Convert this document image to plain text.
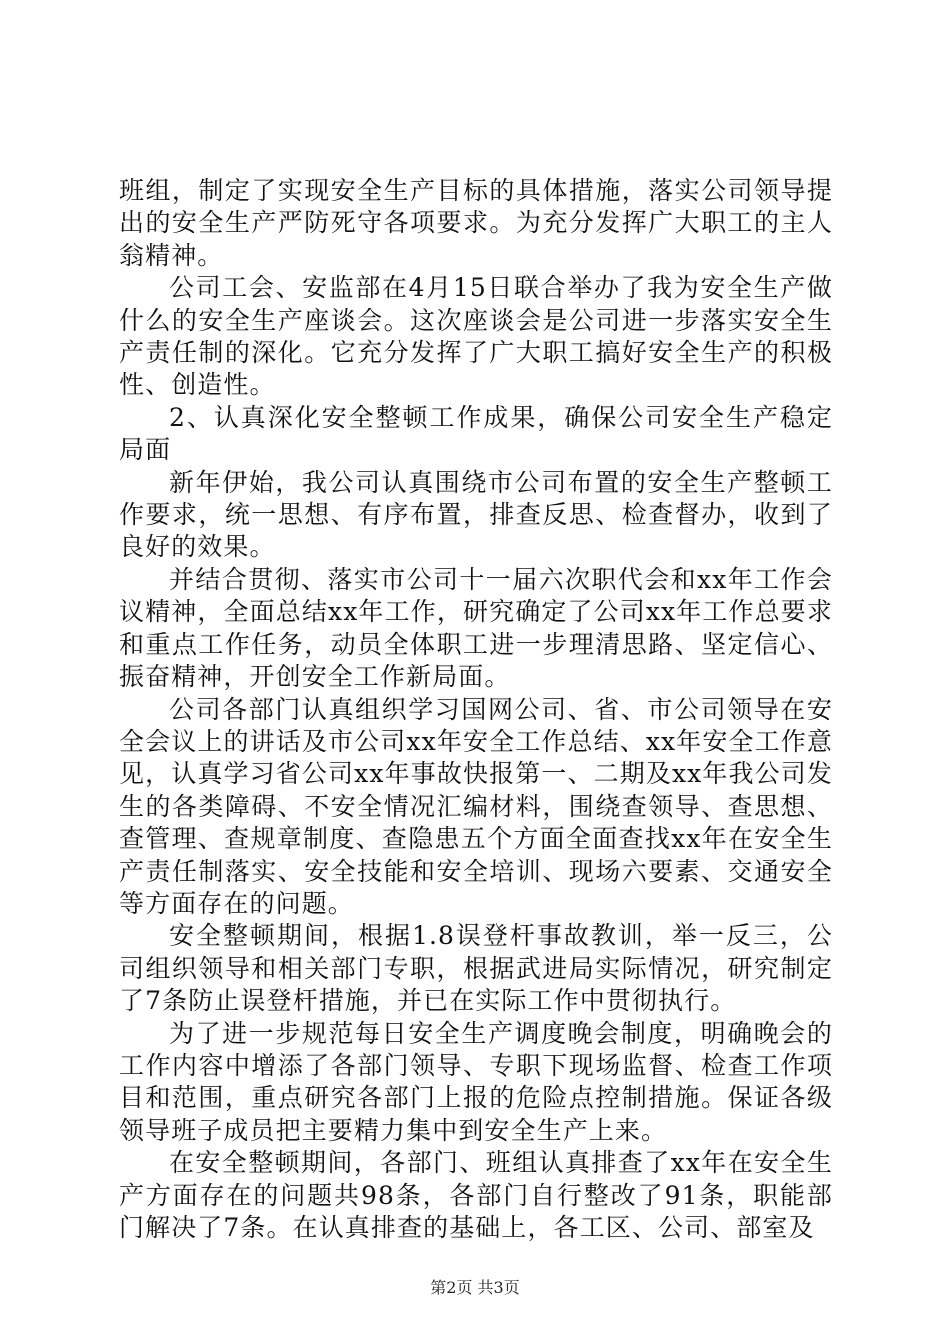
班组，制定了实现安全生产目标的具体措施，落实公司领导提出的安全生产严防死守各项要求。为充分发挥广大职工的主人翁精神。

公司工会、安监部在4月15日联合举办了我为安全生产做什么的安全生产座谈会。这次座谈会是公司进一步落实安全生产责任制的深化。它充分发挥了广大职工搞好安全生产的积极性、创造性。

2、认真深化安全整顿工作成果，确保公司安全生产稳定局面

新年伊始，我公司认真围绕市公司布置的安全生产整顿工作要求，统一思想、有序布置，排查反思、检查督办，收到了良好的效果。

并结合贯彻、落实市公司十一届六次职代会和xx年工作会议精神，全面总结xx年工作，研究确定了公司xx年工作总要求和重点工作任务，动员全体职工进一步理清思路、坚定信心、振奋精神，开创安全工作新局面。

公司各部门认真组织学习国网公司、省、市公司领导在安全会议上的讲话及市公司xx年安全工作总结、xx年安全工作意见，认真学习省公司xx年事故快报第一、二期及xx年我公司发生的各类障碍、不安全情况汇编材料，围绕查领导、查思想、查管理、查规章制度、查隐患五个方面全面查找xx年在安全生产责任制落实、安全技能和安全培训、现场六要素、交通安全等方面存在的问题。

安全整顿期间，根据1.8误登杆事故教训，举一反三，公司组织领导和相关部门专职，根据武进局实际情况，研究制定了7条防止误登杆措施，并已在实际工作中贯彻执行。

为了进一步规范每日安全生产调度晚会制度，明确晚会的工作内容中增添了各部门领导、专职下现场监督、检查工作项目和范围，重点研究各部门上报的危险点控制措施。保证各级领导班子成员把主要精力集中到安全生产上来。

在安全整顿期间，各部门、班组认真排查了xx年在安全生产方面存在的问题共98条，各部门自行整改了91条，职能部门解决了7条。在认真排查的基础上，各工区、公司、部室及

第2页 共3页
